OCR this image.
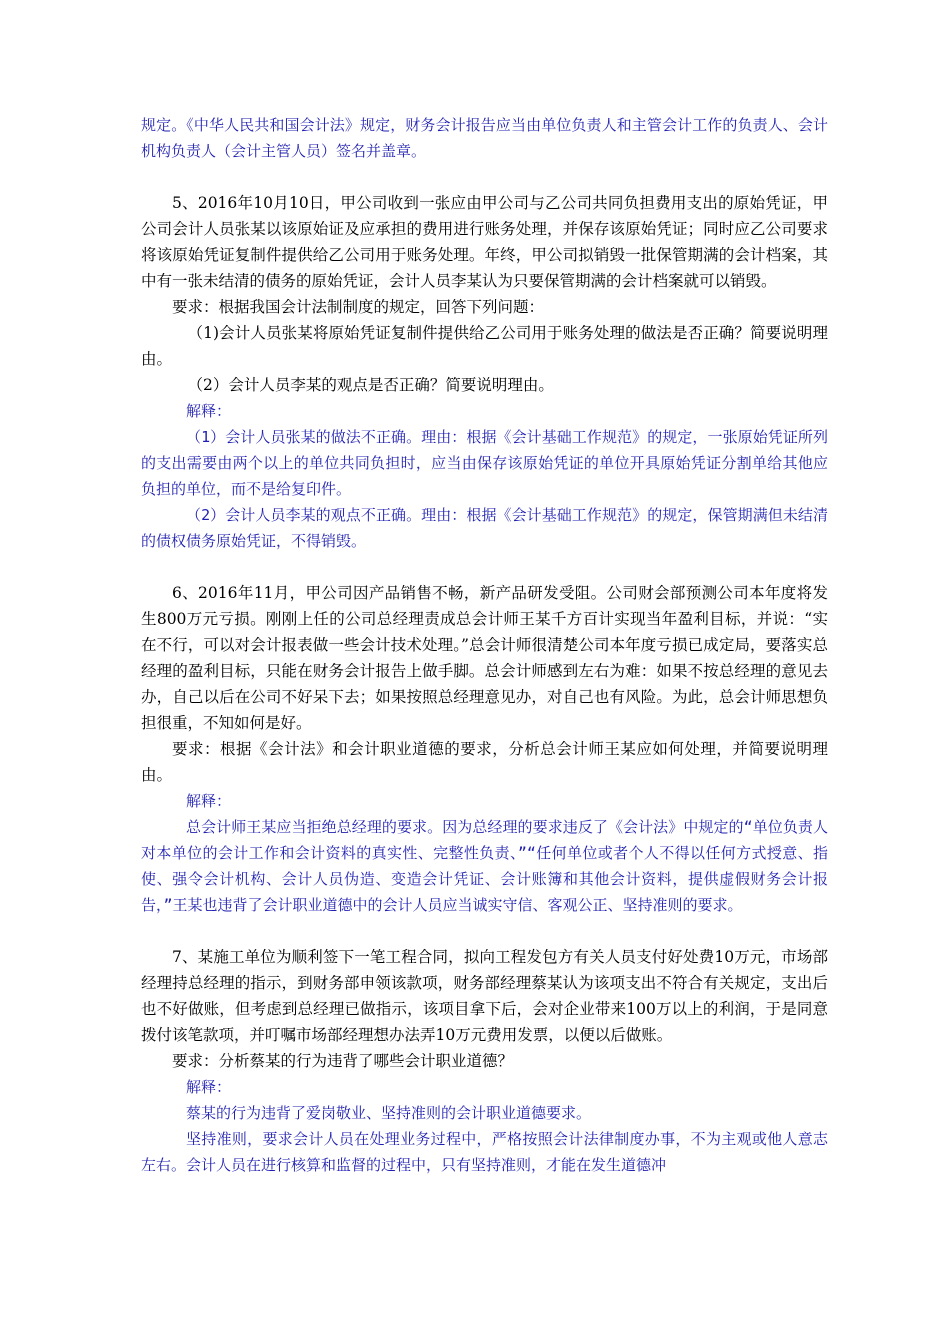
规定。《中华人民共和国会计法》规定，财务会计报告应当由单位负责人和主管会计工作的负责人、会计机构负责人（会计主管人员）签名并盖章。

5、2016年10月10日，甲公司收到一张应由甲公司与乙公司共同负担费用支出的原始凭证，甲公司会计人员张某以该原始证及应承担的费用进行账务处理，并保存该原始凭证；同时应乙公司要求将该原始凭证复制件提供给乙公司用于账务处理。年终，甲公司拟销毁一批保管期满的会计档案，其中有一张未结清的债务的原始凭证，会计人员李某认为只要保管期满的会计档案就可以销毁。

要求：根据我国会计法制制度的规定，回答下列问题：

（1)会计人员张某将原始凭证复制件提供给乙公司用于账务处理的做法是否正确？简要说明理由。

（2）会计人员李某的观点是否正确？简要说明理由。

解释：

（1）会计人员张某的做法不正确。理由：根据《会计基础工作规范》的规定，一张原始凭证所列的支出需要由两个以上的单位共同负担时，应当由保存该原始凭证的单位开具原始凭证分割单给其他应负担的单位，而不是给复印件。

（2）会计人员李某的观点不正确。理由：根据《会计基础工作规范》的规定，保管期满但未结清的债权债务原始凭证，不得销毁。

6、2016年11月，甲公司因产品销售不畅，新产品研发受阻。公司财会部预测公司本年度将发生800万元亏损。刚刚上任的公司总经理责成总会计师王某千方百计实现当年盈利目标，并说：“实在不行，可以对会计报表做一些会计技术处理。”总会计师很清楚公司本年度亏损已成定局，要落实总经理的盈利目标，只能在财务会计报告上做手脚。总会计师感到左右为难：如果不按总经理的意见去办，自己以后在公司不好呆下去；如果按照总经理意见办，对自己也有风险。为此，总会计师思想负担很重，不知如何是好。

要求：根据《会计法》和会计职业道德的要求，分析总会计师王某应如何处理，并简要说明理由。

解释：

总会计师王某应当拒绝总经理的要求。因为总经理的要求违反了《会计法》中规定的“单位负责人对本单位的会计工作和会计资料的真实性、完整性负责、”“任何单位或者个人不得以任何方式授意、指使、强令会计机构、会计人员伪造、变造会计凭证、会计账簿和其他会计资料，提供虚假财务会计报告，”王某也违背了会计职业道德中的会计人员应当诚实守信、客观公正、坚持准则的要求。

7、某施工单位为顺利签下一笔工程合同，拟向工程发包方有关人员支付好处费10万元，市场部经理持总经理的指示，到财务部申领该款项，财务部经理蔡某认为该项支出不符合有关规定，支出后也不好做账，但考虑到总经理已做指示，该项目拿下后，会对企业带来100万以上的利润，于是同意拨付该笔款项，并叮嘱市场部经理想办法弄10万元费用发票，以便以后做账。

要求：分析蔡某的行为违背了哪些会计职业道德？

解释：

蔡某的行为违背了爱岗敬业、坚持准则的会计职业道德要求。

坚持准则，要求会计人员在处理业务过程中，严格按照会计法律制度办事，不为主观或他人意志左右。会计人员在进行核算和监督的过程中，只有坚持准则，才能在发生道德冲
